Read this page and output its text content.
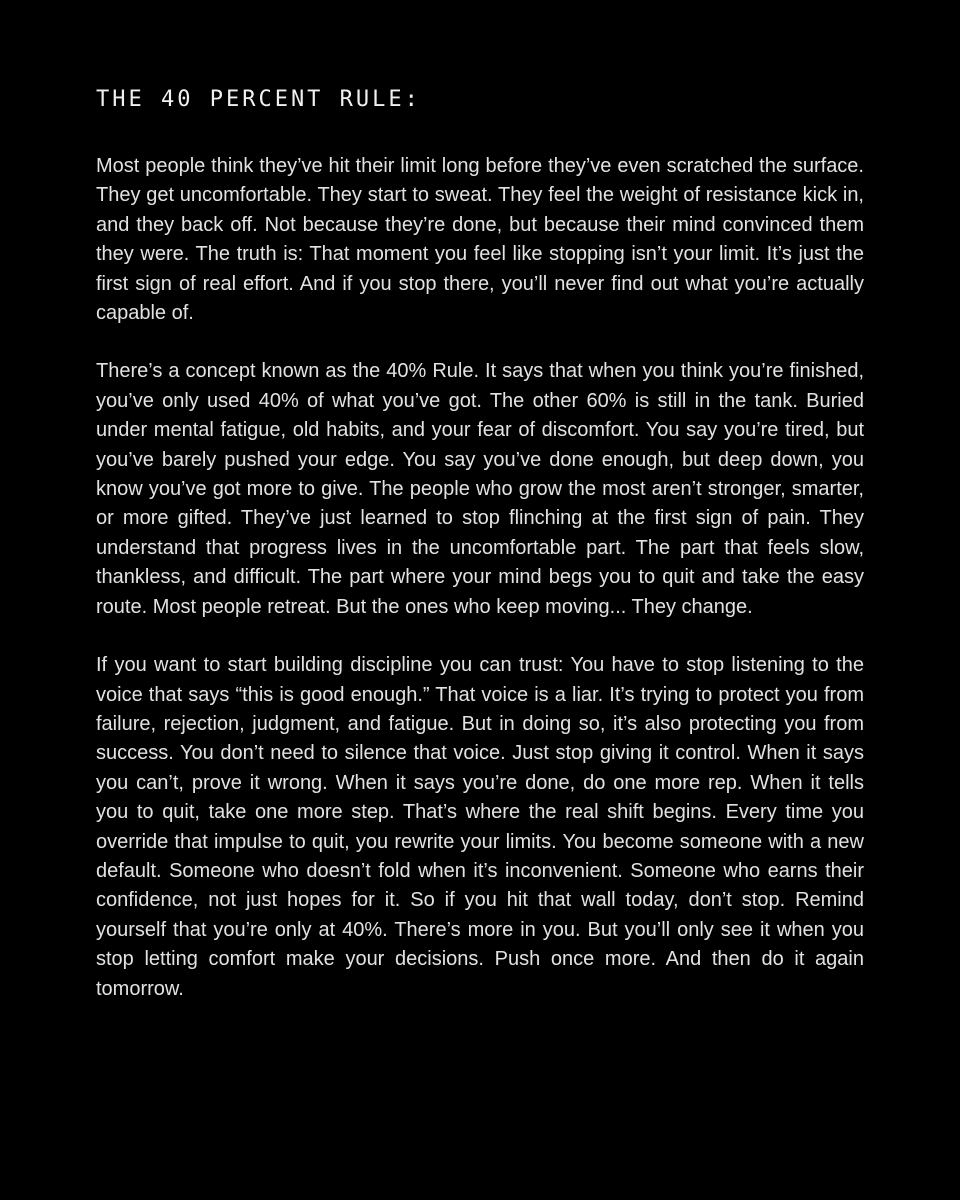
THE 40 PERCENT RULE:

Most people think they’ve hit their limit long before they’ve even scratched the surface. They get uncomfortable. They start to sweat. They feel the weight of resistance kick in, and they back off. Not because they’re done, but because their mind convinced them they were. The truth is: That moment you feel like stopping isn’t your limit. It’s just the first sign of real effort. And if you stop there, you’ll never find out what you’re actually capable of.

There’s a concept known as the 40% Rule. It says that when you think you’re finished, you’ve only used 40% of what you’ve got. The other 60% is still in the tank. Buried under mental fatigue, old habits, and your fear of discomfort. You say you’re tired, but you’ve barely pushed your edge. You say you’ve done enough, but deep down, you know you’ve got more to give. The people who grow the most aren’t stronger, smarter, or more gifted. They’ve just learned to stop flinching at the first sign of pain. They understand that progress lives in the uncomfortable part. The part that feels slow, thankless, and difficult. The part where your mind begs you to quit and take the easy route. Most people retreat. But the ones who keep moving... They change.

If you want to start building discipline you can trust: You have to stop listening to the voice that says “this is good enough.” That voice is a liar. It’s trying to protect you from failure, rejection, judgment, and fatigue. But in doing so, it’s also protecting you from success. You don’t need to silence that voice. Just stop giving it control. When it says you can’t, prove it wrong. When it says you’re done, do one more rep. When it tells you to quit, take one more step. That’s where the real shift begins. Every time you override that impulse to quit, you rewrite your limits. You become someone with a new default. Someone who doesn’t fold when it’s inconvenient. Someone who earns their confidence, not just hopes for it. So if you hit that wall today, don’t stop. Remind yourself that you’re only at 40%. There’s more in you. But you’ll only see it when you stop letting comfort make your decisions. Push once more. And then do it again tomorrow.
